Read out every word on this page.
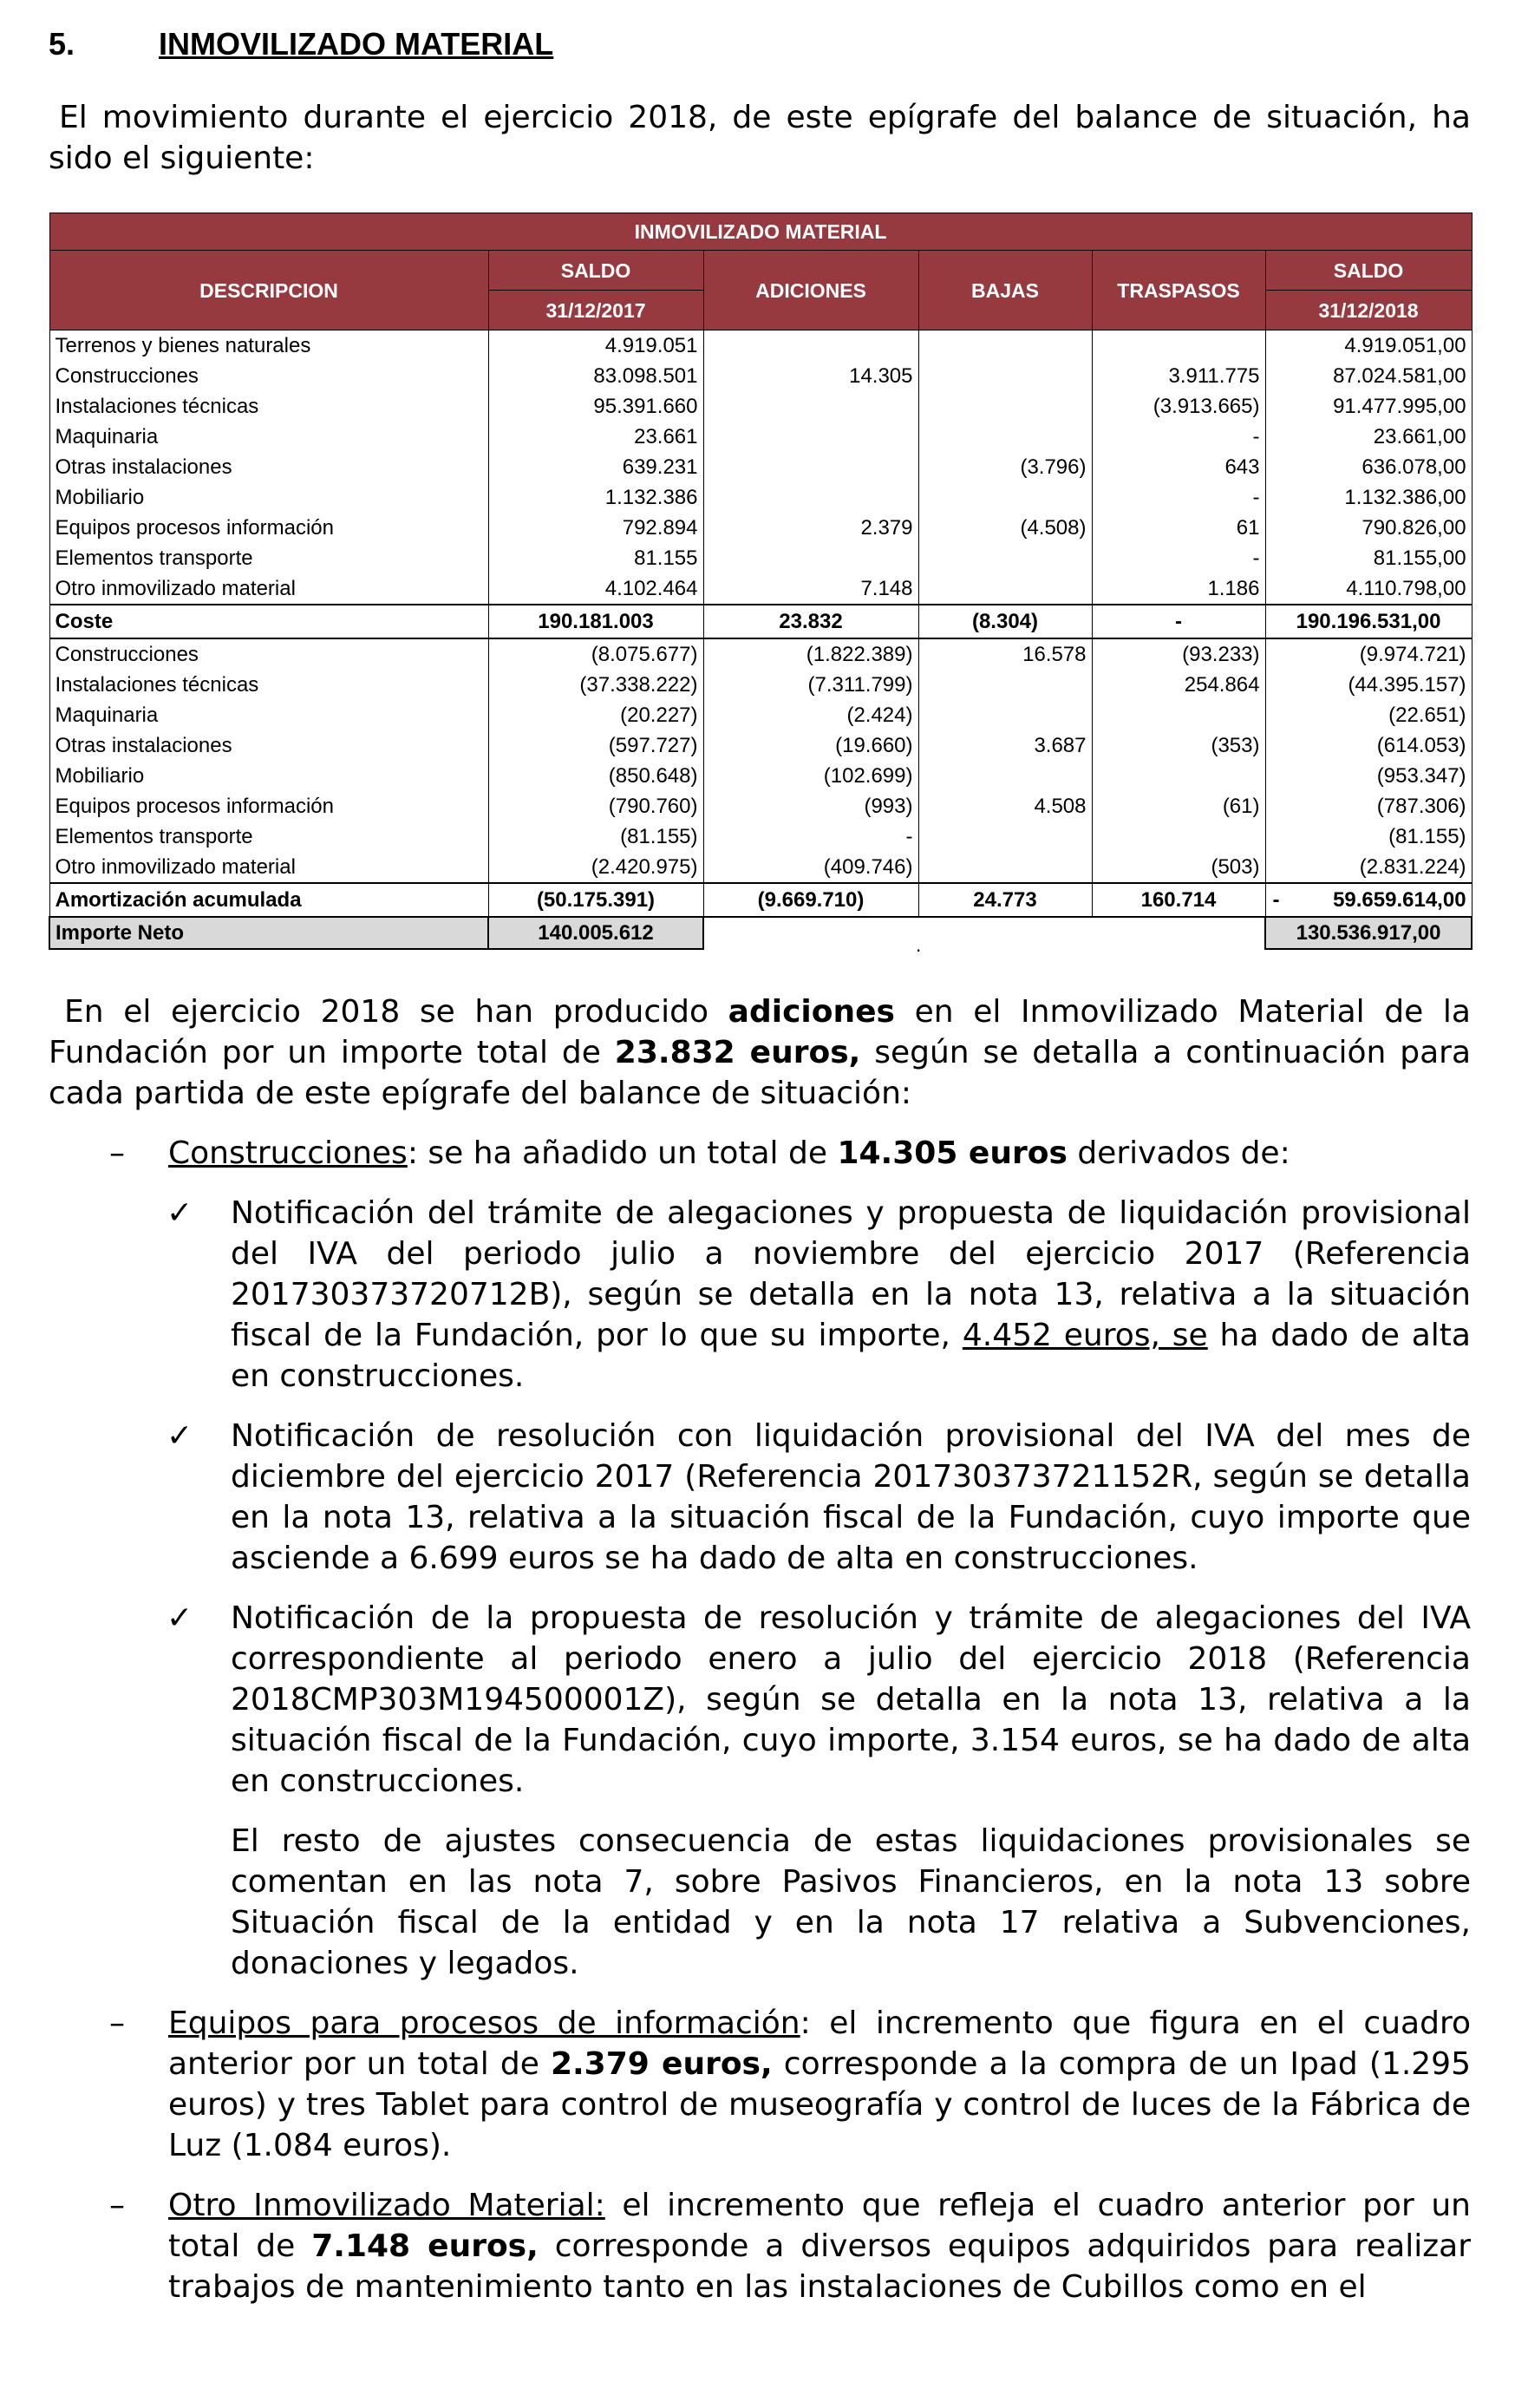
5.	INMOVILIZADO MATERIAL
El movimiento durante el ejercicio 2018, de este epígrafe del balance de situación, ha sido el siguiente:
INMOVILIZADO MATERIAL					
DESCRIPCION	SALDO	ADICIONES	BAJAS	TRASPASOS	SALDO
	31/12/2017				31/12/2018
Terrenos y bienes naturales	4.919.051				4.919.051,00
Construcciones	83.098.501	14.305		3.911.775	87.024.581,00
Instalaciones técnicas	95.391.660			(3.913.665)	91.477.995,00
Maquinaria	23.661			-	23.661,00
Otras instalaciones	639.231		(3.796)	643	636.078,00
Mobiliario	1.132.386			-	1.132.386,00
Equipos procesos información	792.894	2.379	(4.508)	61	790.826,00
Elementos transporte	81.155			-	81.155,00
Otro inmovilizado material	4.102.464	7.148		1.186	4.110.798,00
Coste	190.181.003	23.832	(8.304)	-	190.196.531,00
Construcciones	(8.075.677)	(1.822.389)	16.578	(93.233)	(9.974.721)
Instalaciones técnicas	(37.338.222)	(7.311.799)		254.864	(44.395.157)
Maquinaria	(20.227)	(2.424)			(22.651)
Otras instalaciones	(597.727)	(19.660)	3.687	(353)	(614.053)
Mobiliario	(850.648)	(102.699)			(953.347)
Equipos procesos información	(790.760)	(993)	4.508	(61)	(787.306)
Elementos transporte	(81.155)	-			(81.155)
Otro inmovilizado material	(2.420.975)	(409.746)		(503)	(2.831.224)
Amortización acumulada	(50.175.391)	(9.669.710)	24.773	160.714	- 59.659.614,00
Importe Neto	140.005.612				130.536.917,00
.

En el ejercicio 2018 se han producido adiciones en el Inmovilizado Material de la Fundación por un importe total de 23.832 euros, según se detalla a continuación para cada partida de este epígrafe del balance de situación:

– Construcciones: se ha añadido un total de 14.305 euros derivados de:
✓ Notificación del trámite de alegaciones y propuesta de liquidación provisional del IVA del periodo julio a noviembre del ejercicio 2017 (Referencia 201730373720712B), según se detalla en la nota 13, relativa a la situación fiscal de la Fundación, por lo que su importe, 4.452 euros, se ha dado de alta en construcciones.
✓ Notificación de resolución con liquidación provisional del IVA del mes de diciembre del ejercicio 2017 (Referencia 201730373721152R, según se detalla en la nota 13, relativa a la situación fiscal de la Fundación, cuyo importe que asciende a 6.699 euros se ha dado de alta en construcciones.
✓ Notificación de la propuesta de resolución y trámite de alegaciones del IVA correspondiente al periodo enero a julio del ejercicio 2018 (Referencia 2018CMP303M194500001Z), según se detalla en la nota 13, relativa a la situación fiscal de la Fundación, cuyo importe, 3.154 euros, se ha dado de alta en construcciones.
El resto de ajustes consecuencia de estas liquidaciones provisionales se comentan en las nota 7, sobre Pasivos Financieros, en la nota 13 sobre Situación fiscal de la entidad y en la nota 17 relativa a Subvenciones, donaciones y legados.
– Equipos para procesos de información: el incremento que figura en el cuadro anterior por un total de 2.379 euros, corresponde a la compra de un Ipad (1.295 euros) y tres Tablet para control de museografía y control de luces de la Fábrica de Luz (1.084 euros).
– Otro Inmovilizado Material: el incremento que refleja el cuadro anterior por un total de 7.148 euros, corresponde a diversos equipos adquiridos para realizar trabajos de mantenimiento tanto en las instalaciones de Cubillos como en el
